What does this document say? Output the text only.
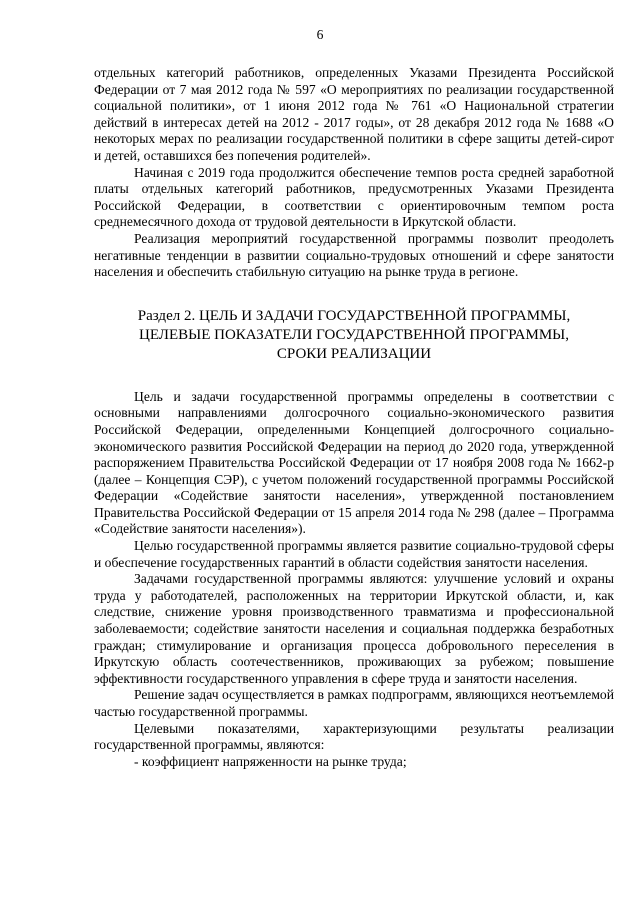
6

отдельных категорий работников, определенных Указами Президента Российской Федерации от 7 мая 2012 года № 597 «О мероприятиях по реализации государственной социальной политики», от 1 июня 2012 года № 761 «О Национальной стратегии действий в интересах детей на 2012 - 2017 годы», от 28 декабря 2012 года № 1688 «О некоторых мерах по реализации государственной политики в сфере защиты детей-сирот и детей, оставшихся без попечения родителей».

Начиная с 2019 года продолжится обеспечение темпов роста средней заработной платы отдельных категорий работников, предусмотренных Указами Президента Российской Федерации, в соответствии с ориентировочным темпом роста среднемесячного дохода от трудовой деятельности в Иркутской области.

Реализация мероприятий государственной программы позволит преодолеть негативные тенденции в развитии социально-трудовых отношений и сфере занятости населения и обеспечить стабильную ситуацию на рынке труда в регионе.

Раздел 2. ЦЕЛЬ И ЗАДАЧИ ГОСУДАРСТВЕННОЙ ПРОГРАММЫ,
ЦЕЛЕВЫЕ ПОКАЗАТЕЛИ ГОСУДАРСТВЕННОЙ ПРОГРАММЫ,
СРОКИ РЕАЛИЗАЦИИ

Цель и задачи государственной программы определены в соответствии с основными направлениями долгосрочного социально-экономического развития Российской Федерации, определенными Концепцией долгосрочного социально-экономического развития Российской Федерации на период до 2020 года, утвержденной распоряжением Правительства Российской Федерации от 17 ноября 2008 года № 1662-р (далее – Концепция СЭР), с учетом положений государственной программы Российской Федерации «Содействие занятости населения», утвержденной постановлением Правительства Российской Федерации от 15 апреля 2014 года № 298 (далее – Программа «Содействие занятости населения»).

Целью государственной программы является развитие социально-трудовой сферы и обеспечение государственных гарантий в области содействия занятости населения.

Задачами государственной программы являются: улучшение условий и охраны труда у работодателей, расположенных на территории Иркутской области, и, как следствие, снижение уровня производственного травматизма и профессиональной заболеваемости; содействие занятости населения и социальная поддержка безработных граждан; стимулирование и организация процесса добровольного переселения в Иркутскую область соотечественников, проживающих за рубежом; повышение эффективности государственного управления в сфере труда и занятости населения.

Решение задач осуществляется в рамках подпрограмм, являющихся неотъемлемой частью государственной программы.

Целевыми показателями, характеризующими результаты реализации государственной программы, являются:

- коэффициент напряженности на рынке труда;
